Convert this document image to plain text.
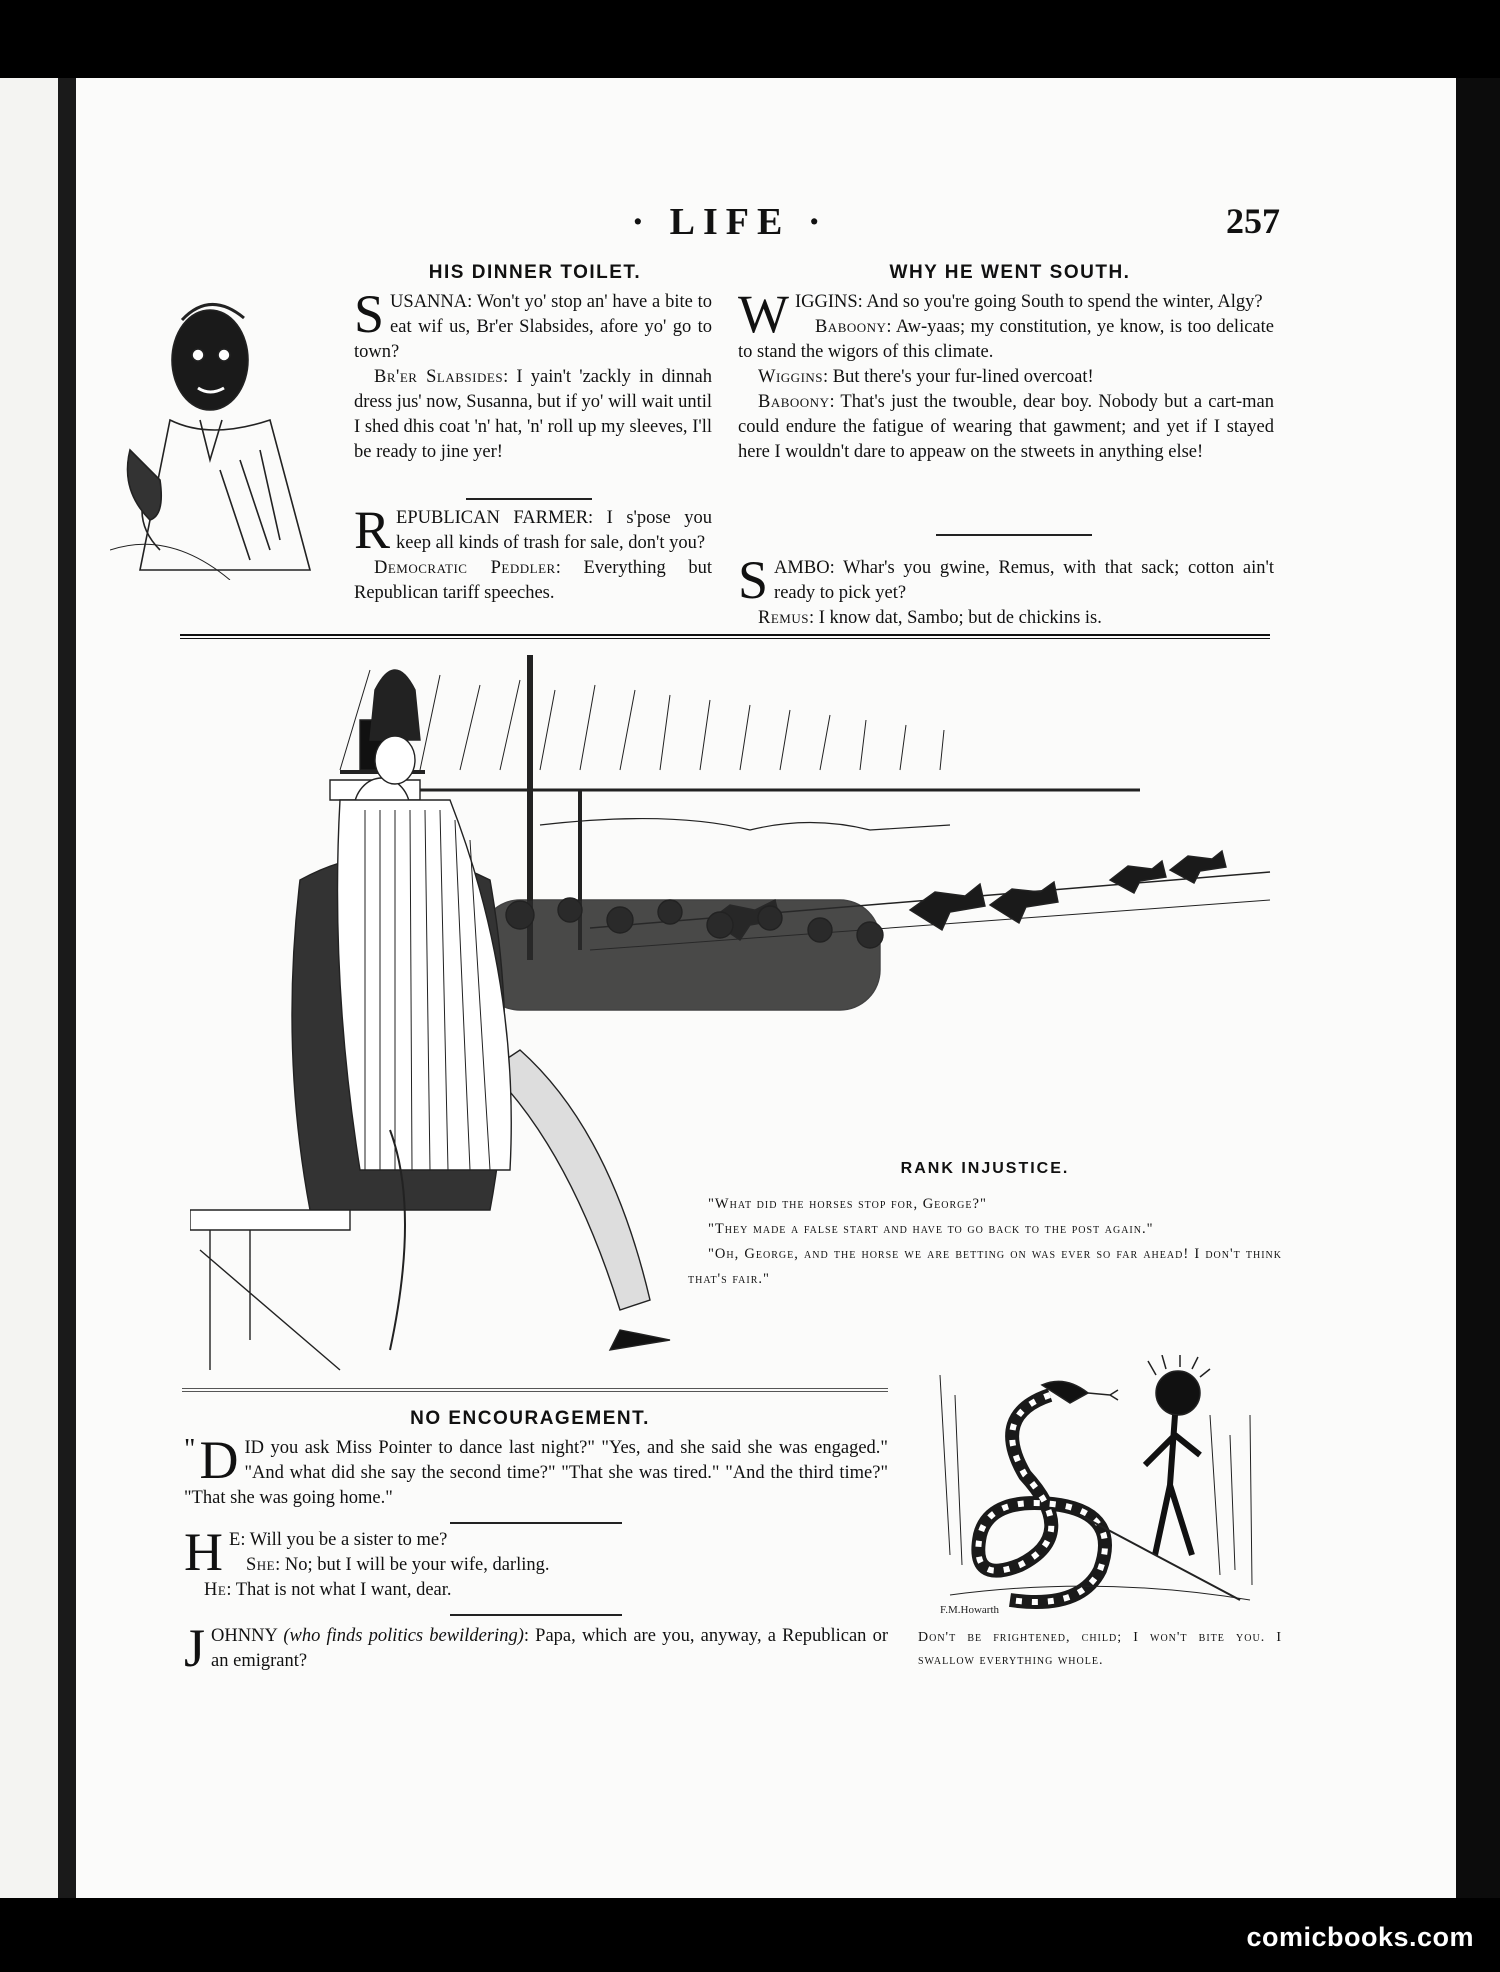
· LIFE ·	257
HIS DINNER TOILET.

SUSANNA: Won't yo' stop an' have a bite to eat wif us, Br'er Slabsides, afore yo' go to town?

Br'er Slabsides: I yain't 'zackly in dinnah dress jus' now, Susanna, but if yo' will wait until I shed dhis coat 'n' hat, 'n' roll up my sleeves, I'll be ready to jine yer!

REPUBLICAN FARMER: I s'pose you keep all kinds of trash for sale, don't you?

Democratic Peddler: Everything but Republican tariff speeches.

WHY HE WENT SOUTH.

WIGGINS: And so you're going South to spend the winter, Algy?

Baboony: Aw-yaas; my constitution, ye know, is too delicate to stand the wigors of this climate.

Wiggins: But there's your fur-lined overcoat!

Baboony: That's just the twouble, dear boy. Nobody but a cart-man could endure the fatigue of wearing that gawment; and yet if I stayed here I wouldn't dare to appeaw on the stweets in anything else!

SAMBO: Whar's you gwine, Remus, with that sack; cotton ain't ready to pick yet?

Remus: I know dat, Sambo; but de chickins is.

RANK INJUSTICE.

"What did the horses stop for, George?"

"They made a false start and have to go back to the post again."

"Oh, George, and the horse we are betting on was ever so far ahead! I don't think that's fair."

NO ENCOURAGEMENT.

" D ID you ask Miss Pointer to dance last night?" "Yes, and she said she was engaged." "And what did she say the second time?" "That she was tired." "And the third time?" "That she was going home."

H E: Will you be a sister to me?

She: No; but I will be your wife, darling.

He: That is not what I want, dear.

JOHNNY (who finds politics bewildering): Papa, which are you, anyway, a Republican or an emigrant?

F.M.Howarth
Don't be frightened, child; I won't bite you. I swallow everything whole.
comicbooks.com
